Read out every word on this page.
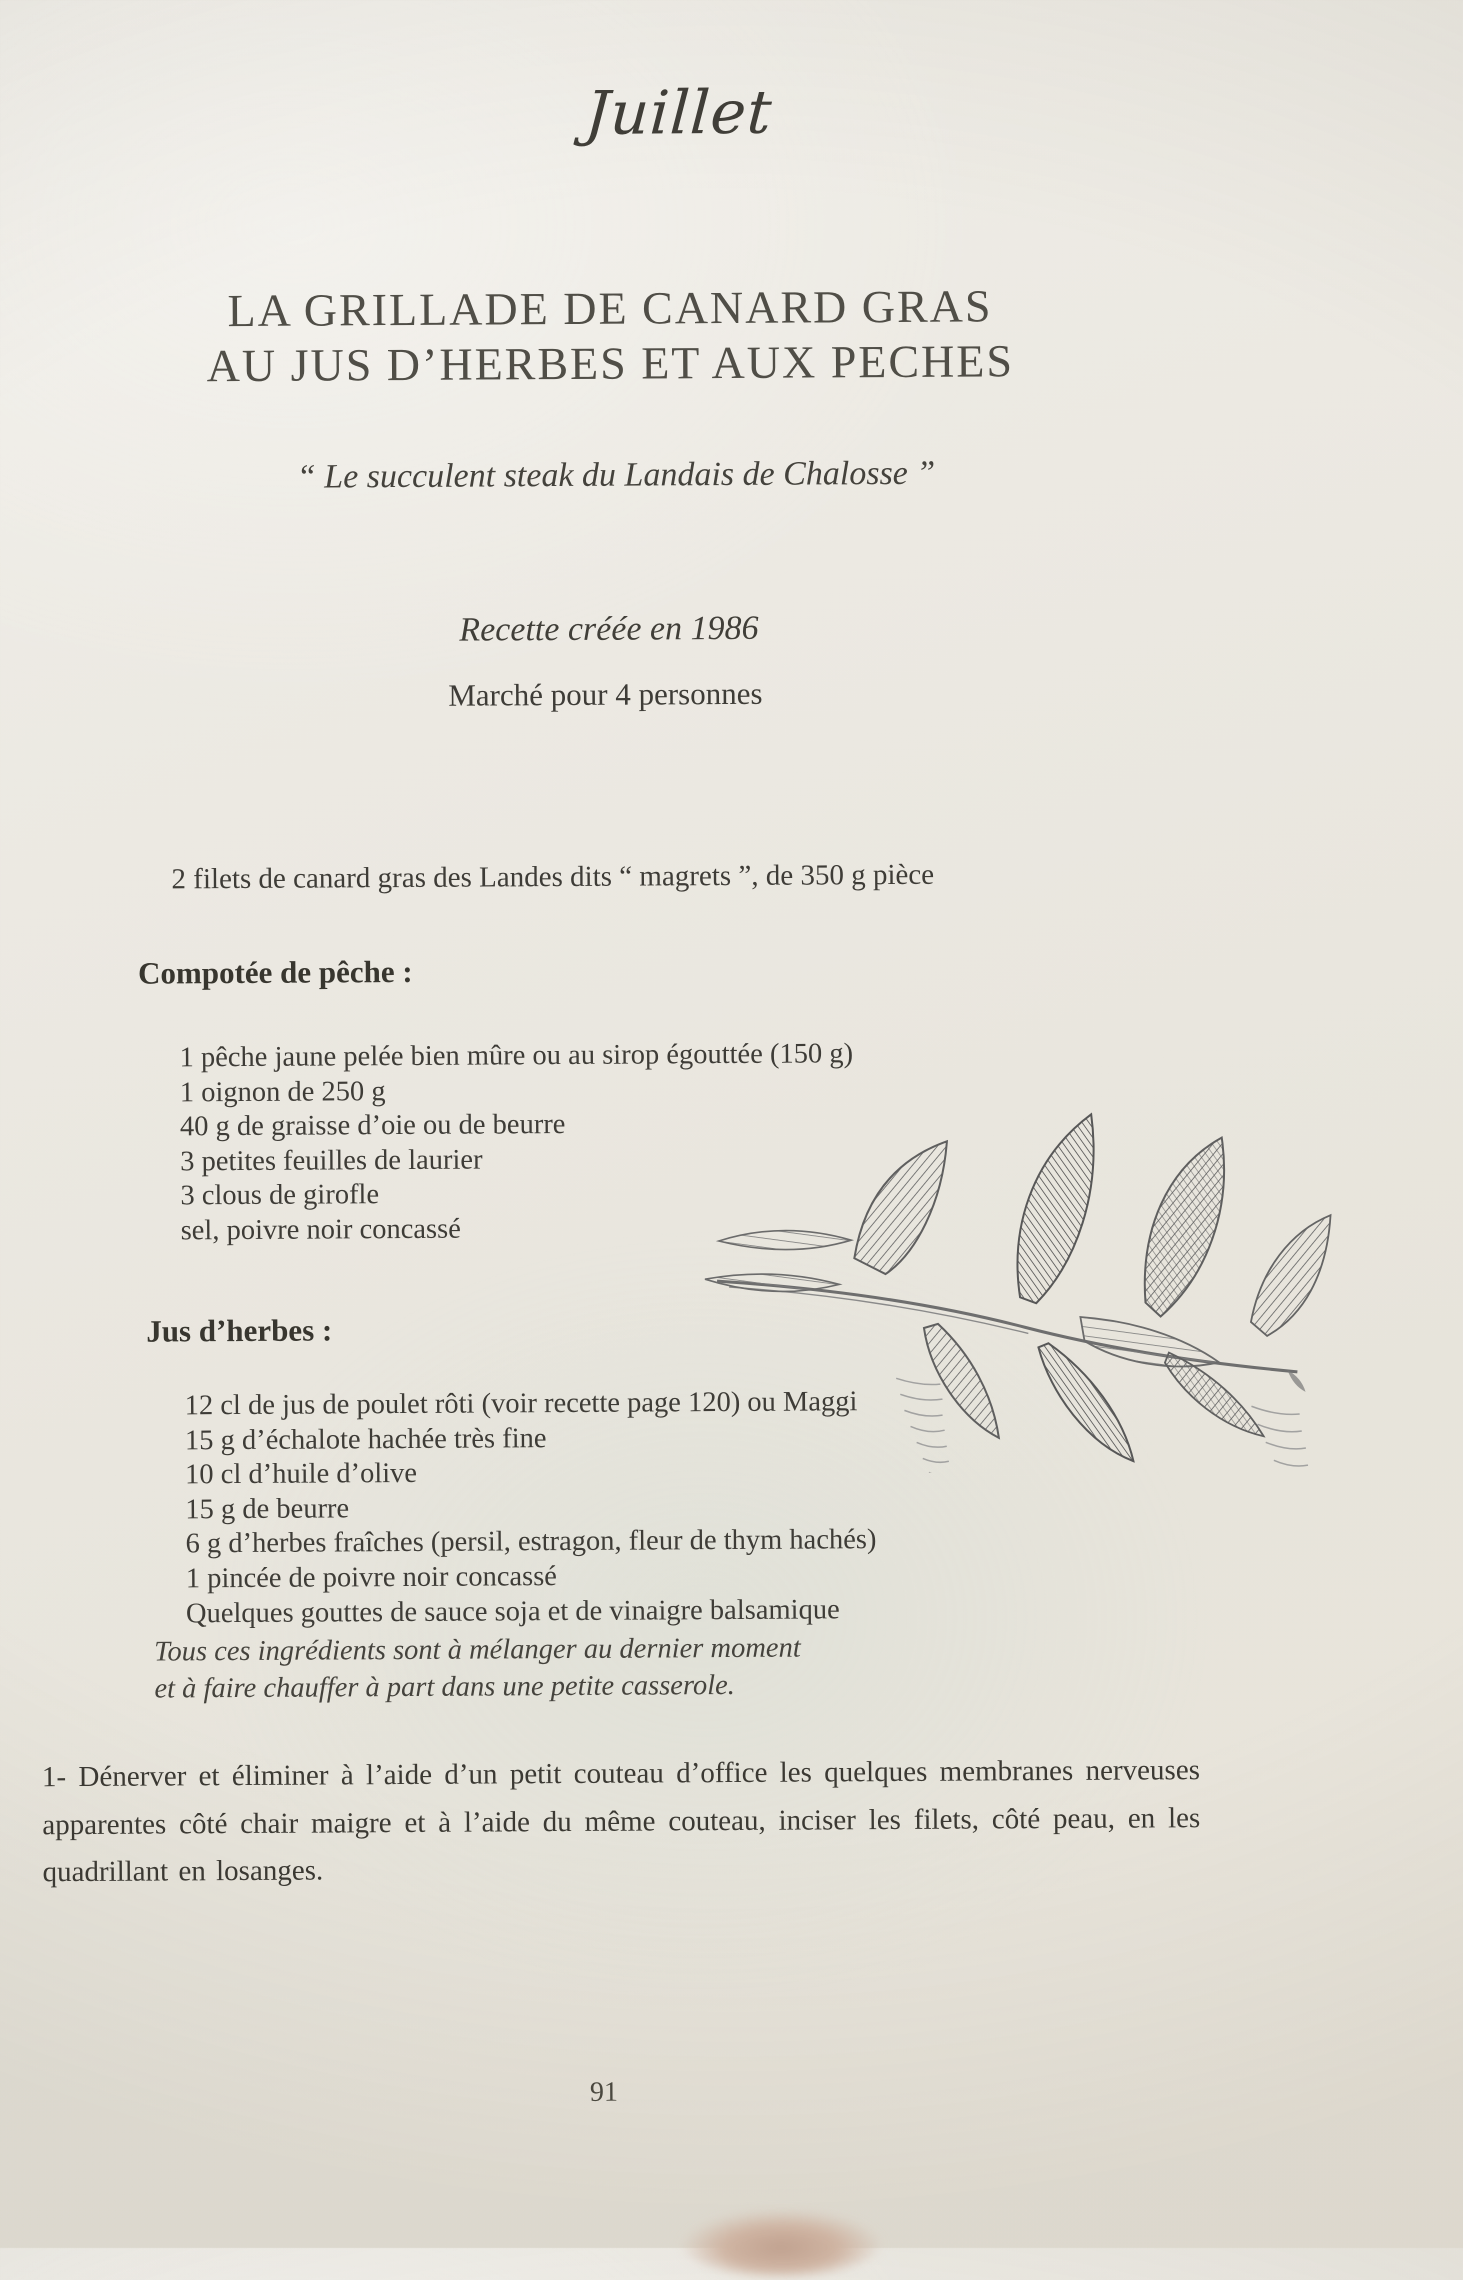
Juillet
LA GRILLADE DE CANARD GRAS
AU JUS D’HERBES ET AUX PECHES
“ Le succulent steak du Landais de Chalosse ”
Recette créée en 1986
Marché pour 4 personnes
2 filets de canard gras des Landes dits “ magrets ”, de 350 g pièce
Compotée de pêche :
1 pêche jaune pelée bien mûre ou au sirop égouttée (150 g)
1 oignon de 250 g
40 g de graisse d’oie ou de beurre
3 petites feuilles de laurier
3 clous de girofle
sel, poivre noir concassé
Jus d’herbes :
12 cl de jus de poulet rôti (voir recette page 120) ou Maggi
15 g d’échalote hachée très fine
10 cl d’huile d’olive
15 g de beurre
6 g d’herbes fraîches (persil, estragon, fleur de thym hachés)
1 pincée de poivre noir concassé
Quelques gouttes de sauce soja et de vinaigre balsamique
Tous ces ingrédients sont à mélanger au dernier moment
et à faire chauffer à part dans une petite casserole.
1- Dénerver et éliminer à l’aide d’un petit couteau d’office les quelques membranes nerveuses apparentes côté chair maigre et à l’aide du même couteau, inciser les filets, côté peau, en les quadrillant en losanges.
91
